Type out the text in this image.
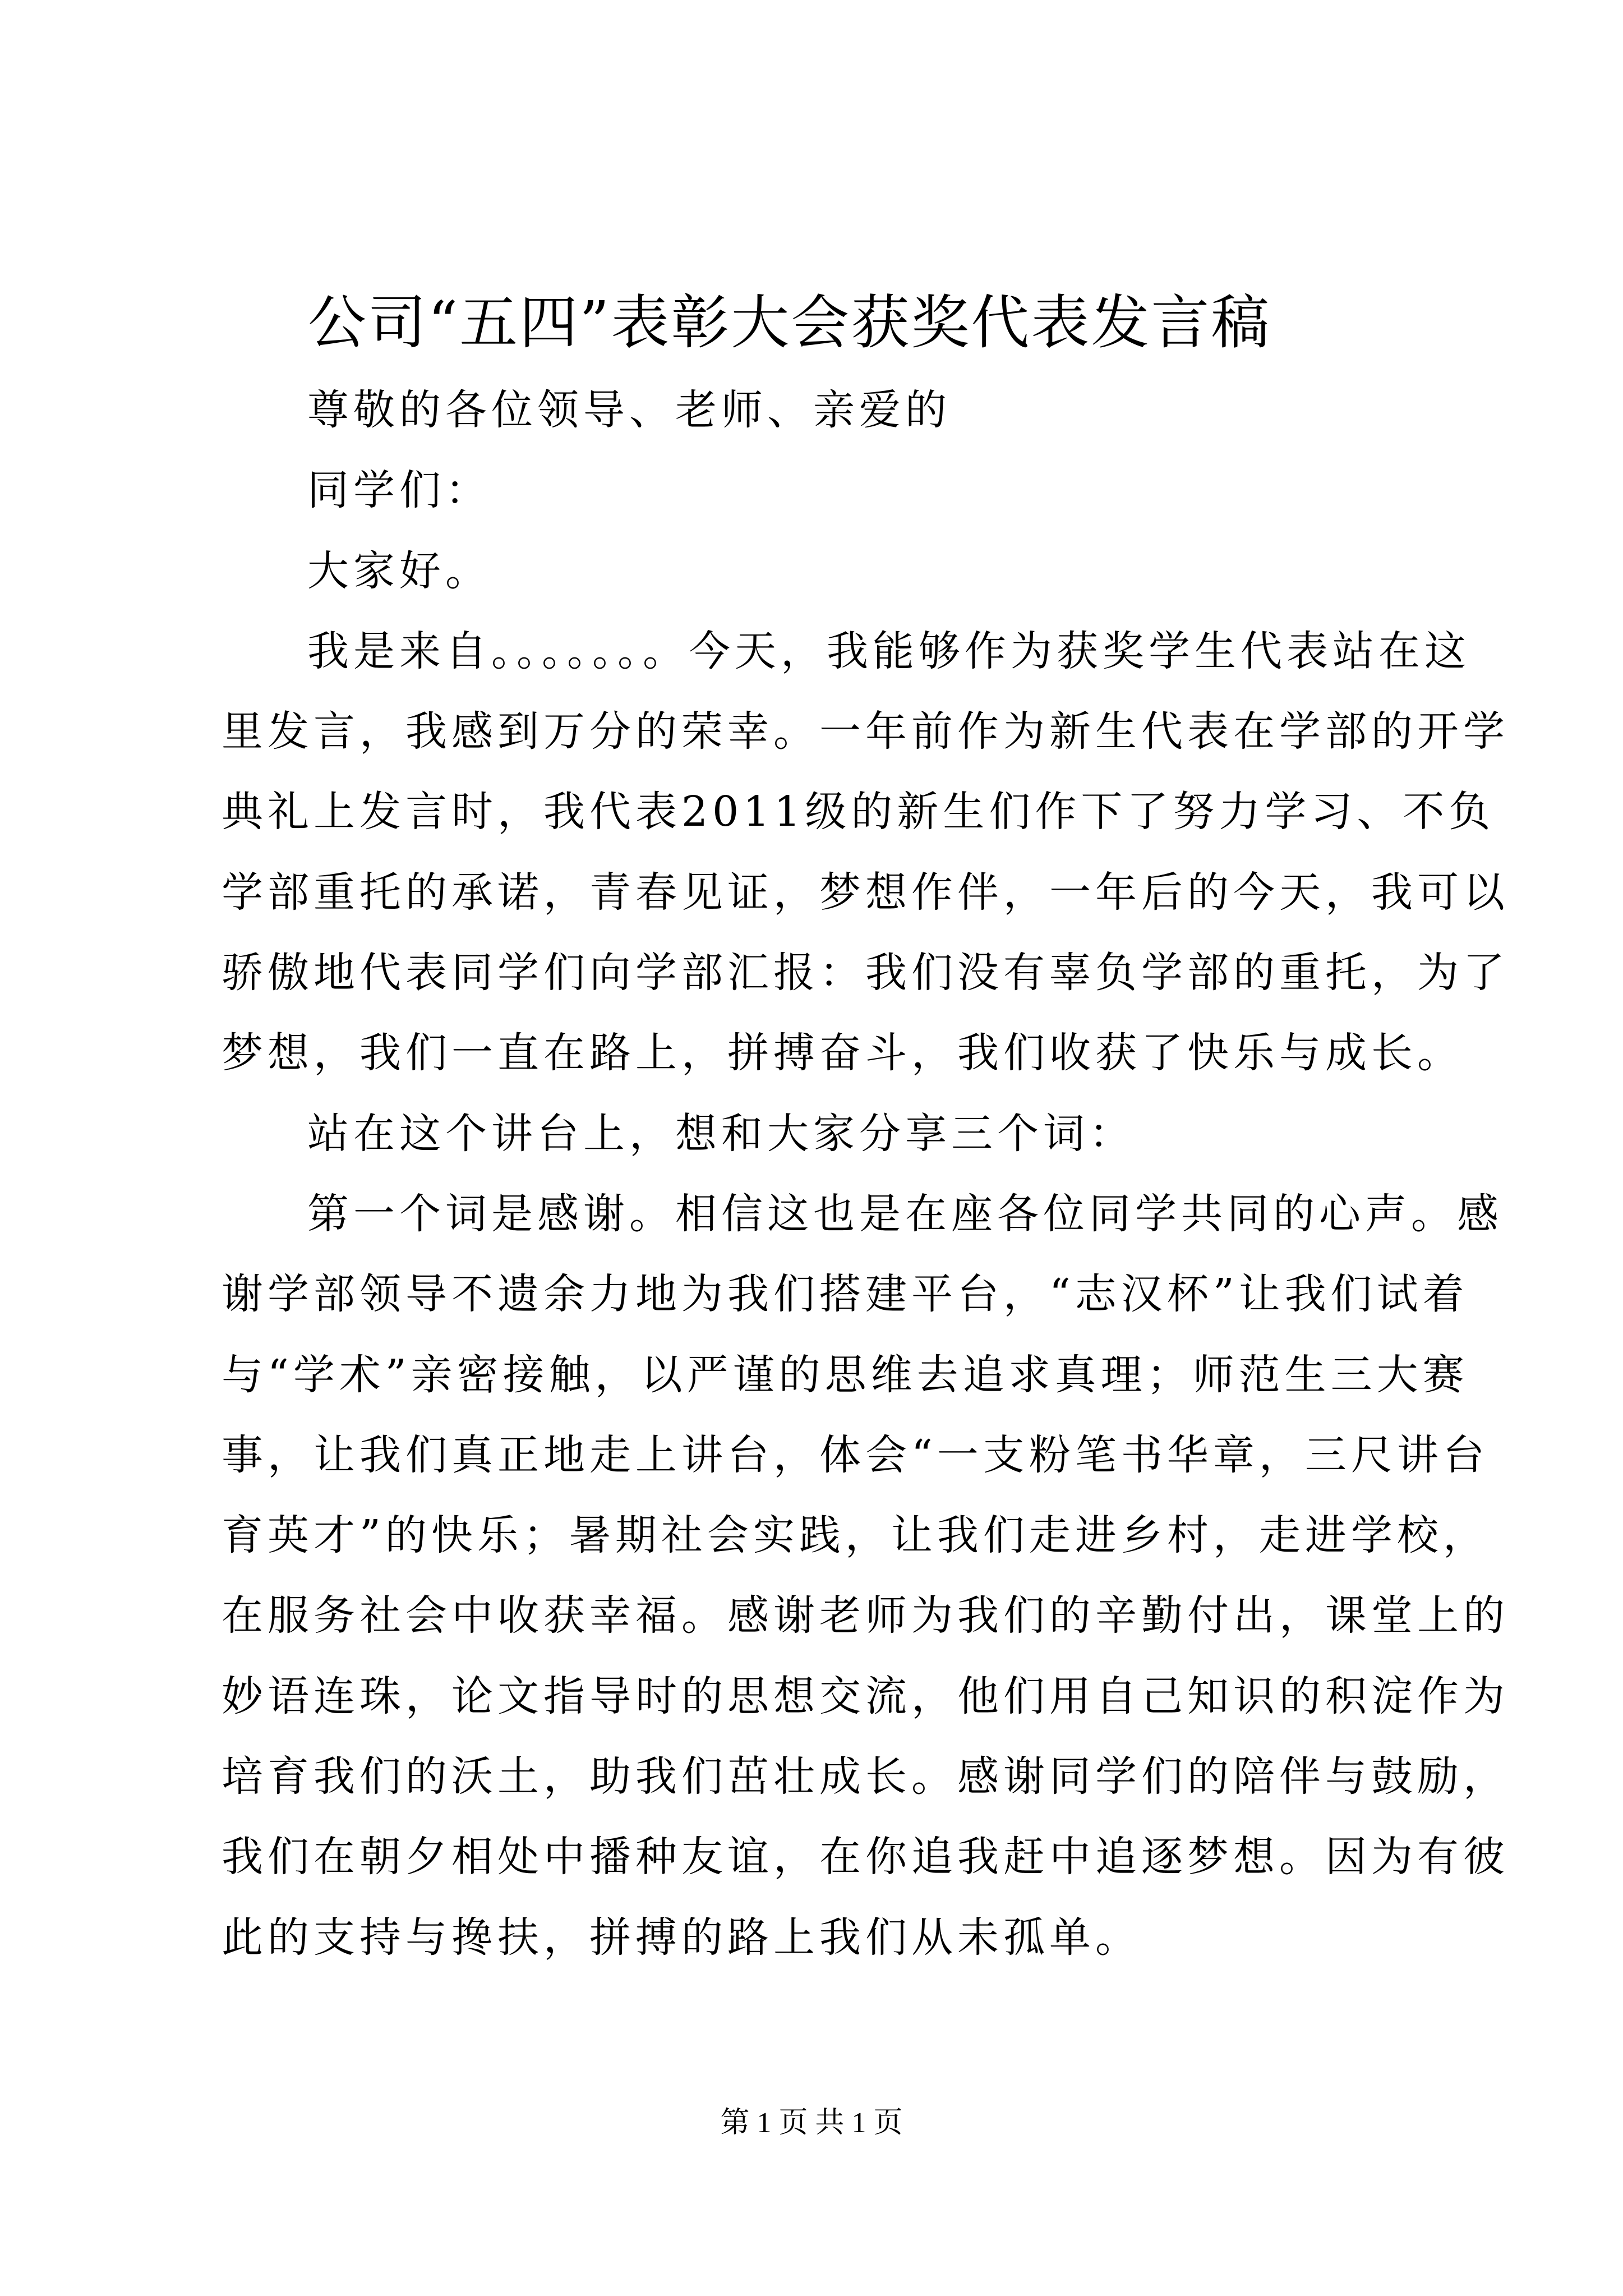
公司“五四”表彰大会获奖代表发言稿
尊敬的各位领导、老师、亲爱的
同学们：
大家好。
我是来自。。。。。。。今天，我能够作为获奖学生代表站在这
里发言，我感到万分的荣幸。一年前作为新生代表在学部的开学
典礼上发言时，我代表2011级的新生们作下了努力学习、不负
学部重托的承诺，青春见证，梦想作伴，一年后的今天，我可以
骄傲地代表同学们向学部汇报：我们没有辜负学部的重托，为了
梦想，我们一直在路上，拼搏奋斗，我们收获了快乐与成长。
站在这个讲台上，想和大家分享三个词：
第一个词是感谢。相信这也是在座各位同学共同的心声。感
谢学部领导不遗余力地为我们搭建平台，“志汉杯”让我们试着
与“学术”亲密接触，以严谨的思维去追求真理；师范生三大赛
事，让我们真正地走上讲台，体会“一支粉笔书华章，三尺讲台
育英才”的快乐；暑期社会实践，让我们走进乡村，走进学校，
在服务社会中收获幸福。感谢老师为我们的辛勤付出，课堂上的
妙语连珠，论文指导时的思想交流，他们用自己知识的积淀作为
培育我们的沃土，助我们茁壮成长。感谢同学们的陪伴与鼓励，
我们在朝夕相处中播种友谊，在你追我赶中追逐梦想。因为有彼
此的支持与搀扶，拼搏的路上我们从未孤单。
第 1 页 共 1 页
